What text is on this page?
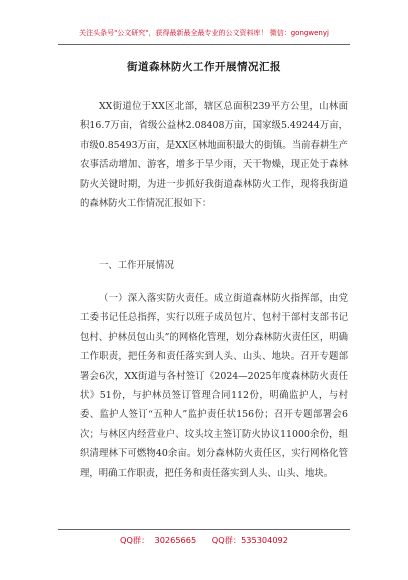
关注头条号"公文研究"，获得最新最全最专业的公文资料库！ 微信：gongwenyj
街道森林防火工作开展情况汇报
XX街道位于XX区北部，辖区总面积239平方公里，山林面积16.7万亩，省级公益林2.08408万亩，国家级5.49244万亩，市级0.85493万亩，是XX区林地面积最大的街镇。当前春耕生产农事活动增加、游客，增多于旱少雨，天干物燥，现正处于森林防火关键时期，为进一步抓好我街道森林防火工作，现将我街道的森林防火工作情况汇报如下：
一、工作开展情况
（一）深入落实防火责任。成立街道森林防火指挥部，由党工委书记任总指挥，实行以班子成员包片、包村干部村支部书记包村、护林员包山头”的网格化管理，划分森林防火责任区，明确工作职责，把任务和责任落实到人头、山头、地块。召开专题部署会6次，XX街道与各村签订《2024—2025年度森林防火责任状》51份，与护林员签订管理合同112份，明确监护人，与村委、监护人签订“五种人”监护责任状156份；召开专题部署会6次；与林区内经营业户、坟头坟主签订防火协议11000余份，组织清理林下可燃物40余亩。划分森林防火责任区，实行网格化管理，明确工作职责，把任务和责任落实到人头、山头、地块。
QQ群：  30265665      QQ群：535304092
